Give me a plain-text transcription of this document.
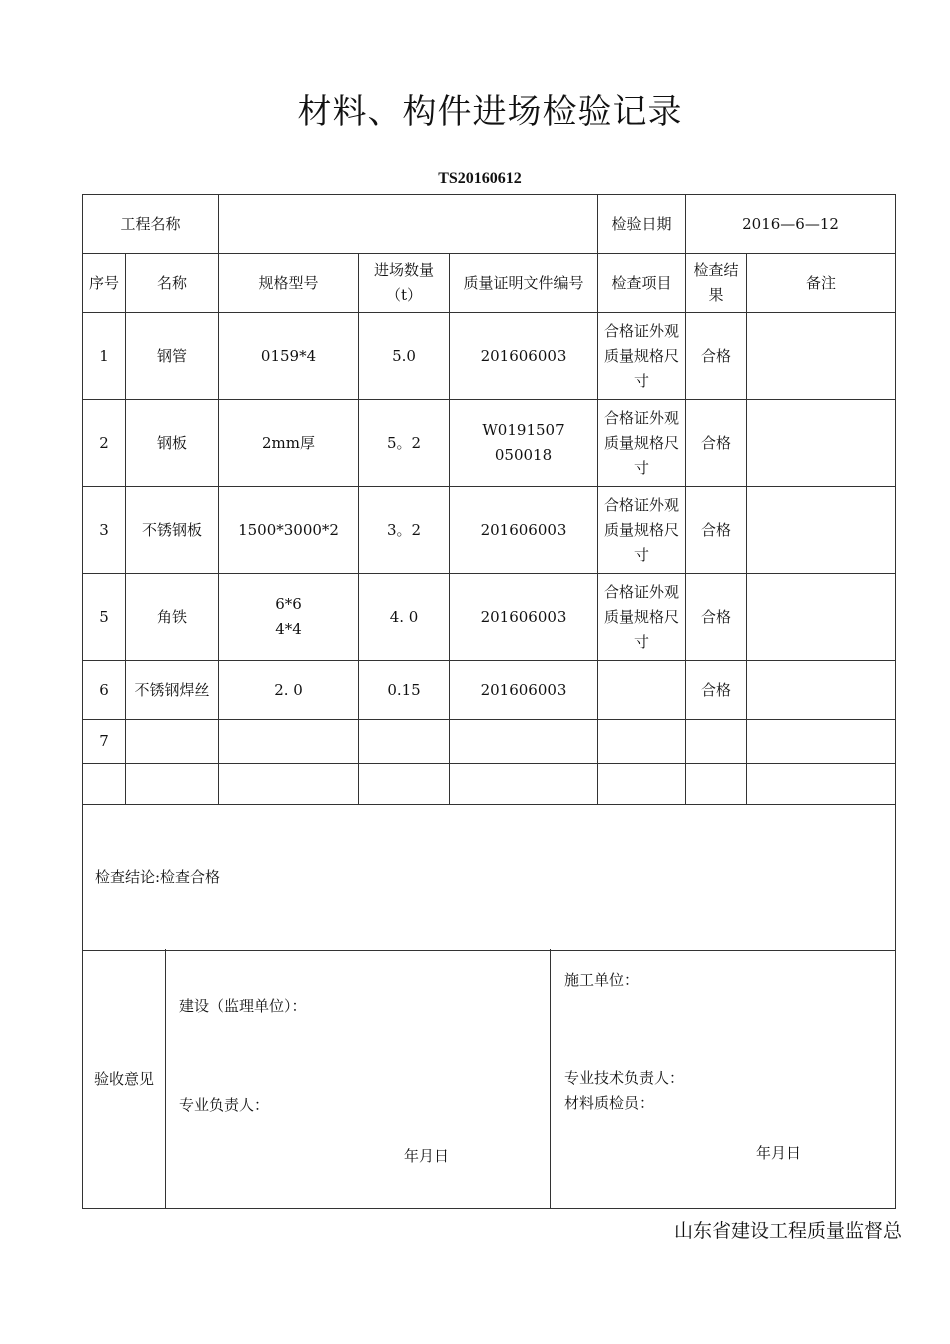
材料、构件进场检验记录
TS20160612
工程名称					检验日期	2016—6—12	
序号	名称	规格型号	进场数量（t）	质量证明文件编号	检查项目	检查结果	备注
1	钢管	0159*4	5.0	201606003	合格证外观质量规格尺寸	合格	
2	钢板	2mm厚	5。2	W0191507 050018	合格证外观质量规格尺寸	合格	
3	不锈钢板	1500*3000*2	3。2	201606003	合格证外观质量规格尺寸	合格	
5	角铁	6*6 4*4	4. 0	201606003	合格证外观质量规格尺寸	合格	
6	不锈钢焊丝	2. 0	0.15	201606003		合格	
7							

检查结论:检查合格							
验收意见
建设（监理单位）：
专业负责人：
年月日
施工单位：
专业技术负责人：
材料质检员：
年月日
山东省建设工程质量监督总
